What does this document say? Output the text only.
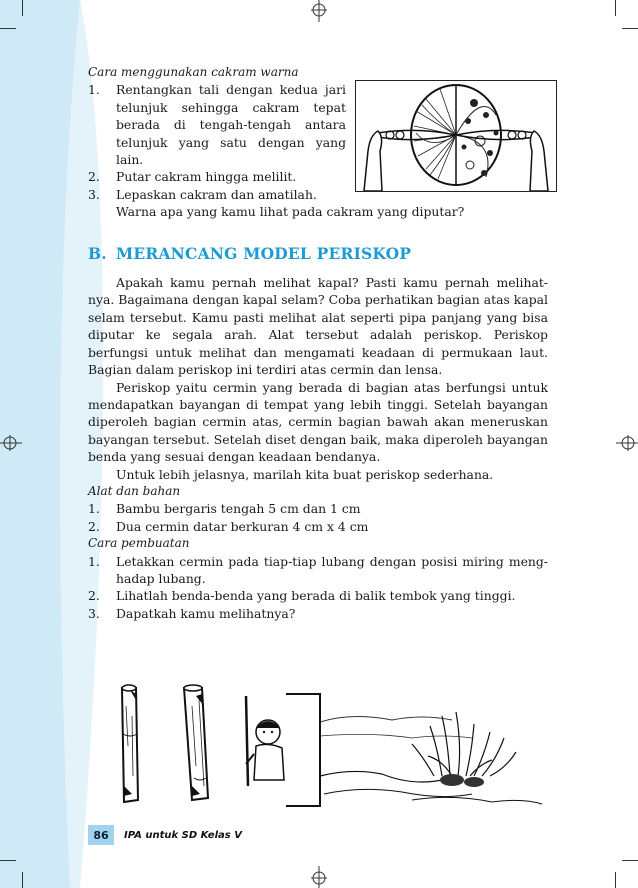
Cara menggunakan cakram warna

1.	Rentangkan tali dengan kedua jari telunjuk sehingga cakram tepat berada di tengah-tengah antara telunjuk yang satu dengan yang lain.
2.	Putar cakram hingga melilit.
3.	Lepaskan cakram dan amatilah.

Warna apa yang kamu lihat pada cakram yang diputar?

B. MERANCANG MODEL PERISKOP

Apakah kamu pernah melihat kapal? Pasti kamu pernah melihat-nya. Bagaimana dengan kapal selam? Coba perhatikan bagian atas kapal selam tersebut. Kamu pasti melihat alat seperti pipa panjang yang bisa diputar ke segala arah. Alat tersebut adalah periskop. Periskop berfungsi untuk melihat dan mengamati keadaan di permukaan laut. Bagian dalam periskop ini terdiri atas cermin dan lensa.

Periskop yaitu cermin yang berada di bagian atas berfungsi untuk mendapatkan bayangan di tempat yang lebih tinggi. Setelah bayangan diperoleh bagian cermin atas, cermin bagian bawah akan meneruskan bayangan tersebut. Setelah diset dengan baik, maka diperoleh bayangan benda yang sesuai dengan keadaan bendanya.

Untuk lebih jelasnya, marilah kita buat periskop sederhana.

Alat dan bahan

1.	Bambu bergaris tengah 5 cm dan 1 cm
2.	Dua cermin datar berkuran 4 cm x 4 cm

Cara pembuatan

1.	Letakkan cermin pada tiap-tiap lubang dengan posisi miring meng-hadap lubang.
2.	Lihatlah benda-benda yang berada di balik tembok yang tinggi.
3.	Dapatkah kamu melihatnya?
86	IPA untuk SD Kelas V
